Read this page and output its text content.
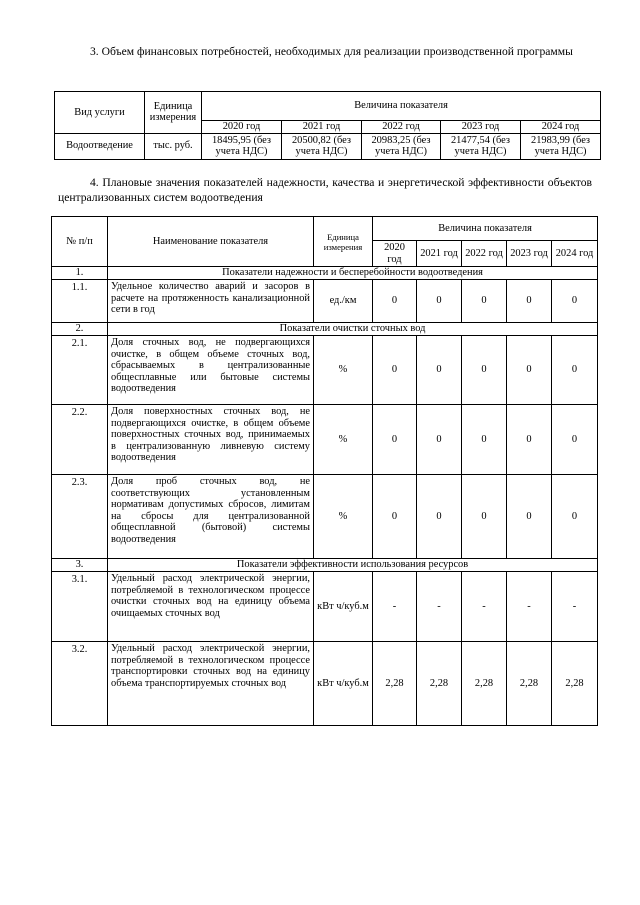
3. Объем финансовых потребностей, необходимых для реализации производственной программы
Вид услуги	Единица измерения	Величина показателя				
		2020 год	2021 год	2022 год	2023 год	2024 год
Водоотведение	тыс. руб.	18495,95 (без учета НДС)	20500,82 (без учета НДС)	20983,25 (без учета НДС)	21477,54 (без учета НДС)	21983,99 (без учета НДС)
4. Плановые значения показателей надежности, качества и энергетической эффективности объектов централизованных систем водоотведения
№ п/п	Наименование показателя	Единица измерения	Величина показателя				
			2020 год	2021 год	2022 год	2023 год	2024 год
1.	Показатели надежности и бесперебойности водоотведения						
1.1.	Удельное количество аварий и засоров в расчете на протяженность канализационной сети в год	ед./км	0	0	0	0	0
2.	Показатели очистки сточных вод						
2.1.	Доля сточных вод, не подвергающихся очистке, в общем объеме сточных вод, сбрасываемых в централизованные общесплавные или бытовые системы водоотведения	%	0	0	0	0	0
2.2.	Доля поверхностных сточных вод, не подвергающихся очистке, в общем объеме поверхностных сточных вод, принимаемых в централизованную ливневую систему водоотведения	%	0	0	0	0	0
2.3.	Доля проб сточных вод, не соответствующих установленным нормативам допустимых сбросов, лимитам на сбросы для централизованной общесплавной (бытовой) системы водоотведения	%	0	0	0	0	0
3.	Показатели эффективности использования ресурсов						
3.1.	Удельный расход электрической энергии, потребляемой в технологическом процессе очистки сточных вод на единицу объема очищаемых сточных вод	кВт ч/куб.м	-	-	-	-	-
3.2.	Удельный расход электрической энергии, потребляемой в технологическом процессе транспортировки сточных вод на единицу объема транспортируемых сточных вод	кВт ч/куб.м	2,28	2,28	2,28	2,28	2,28
